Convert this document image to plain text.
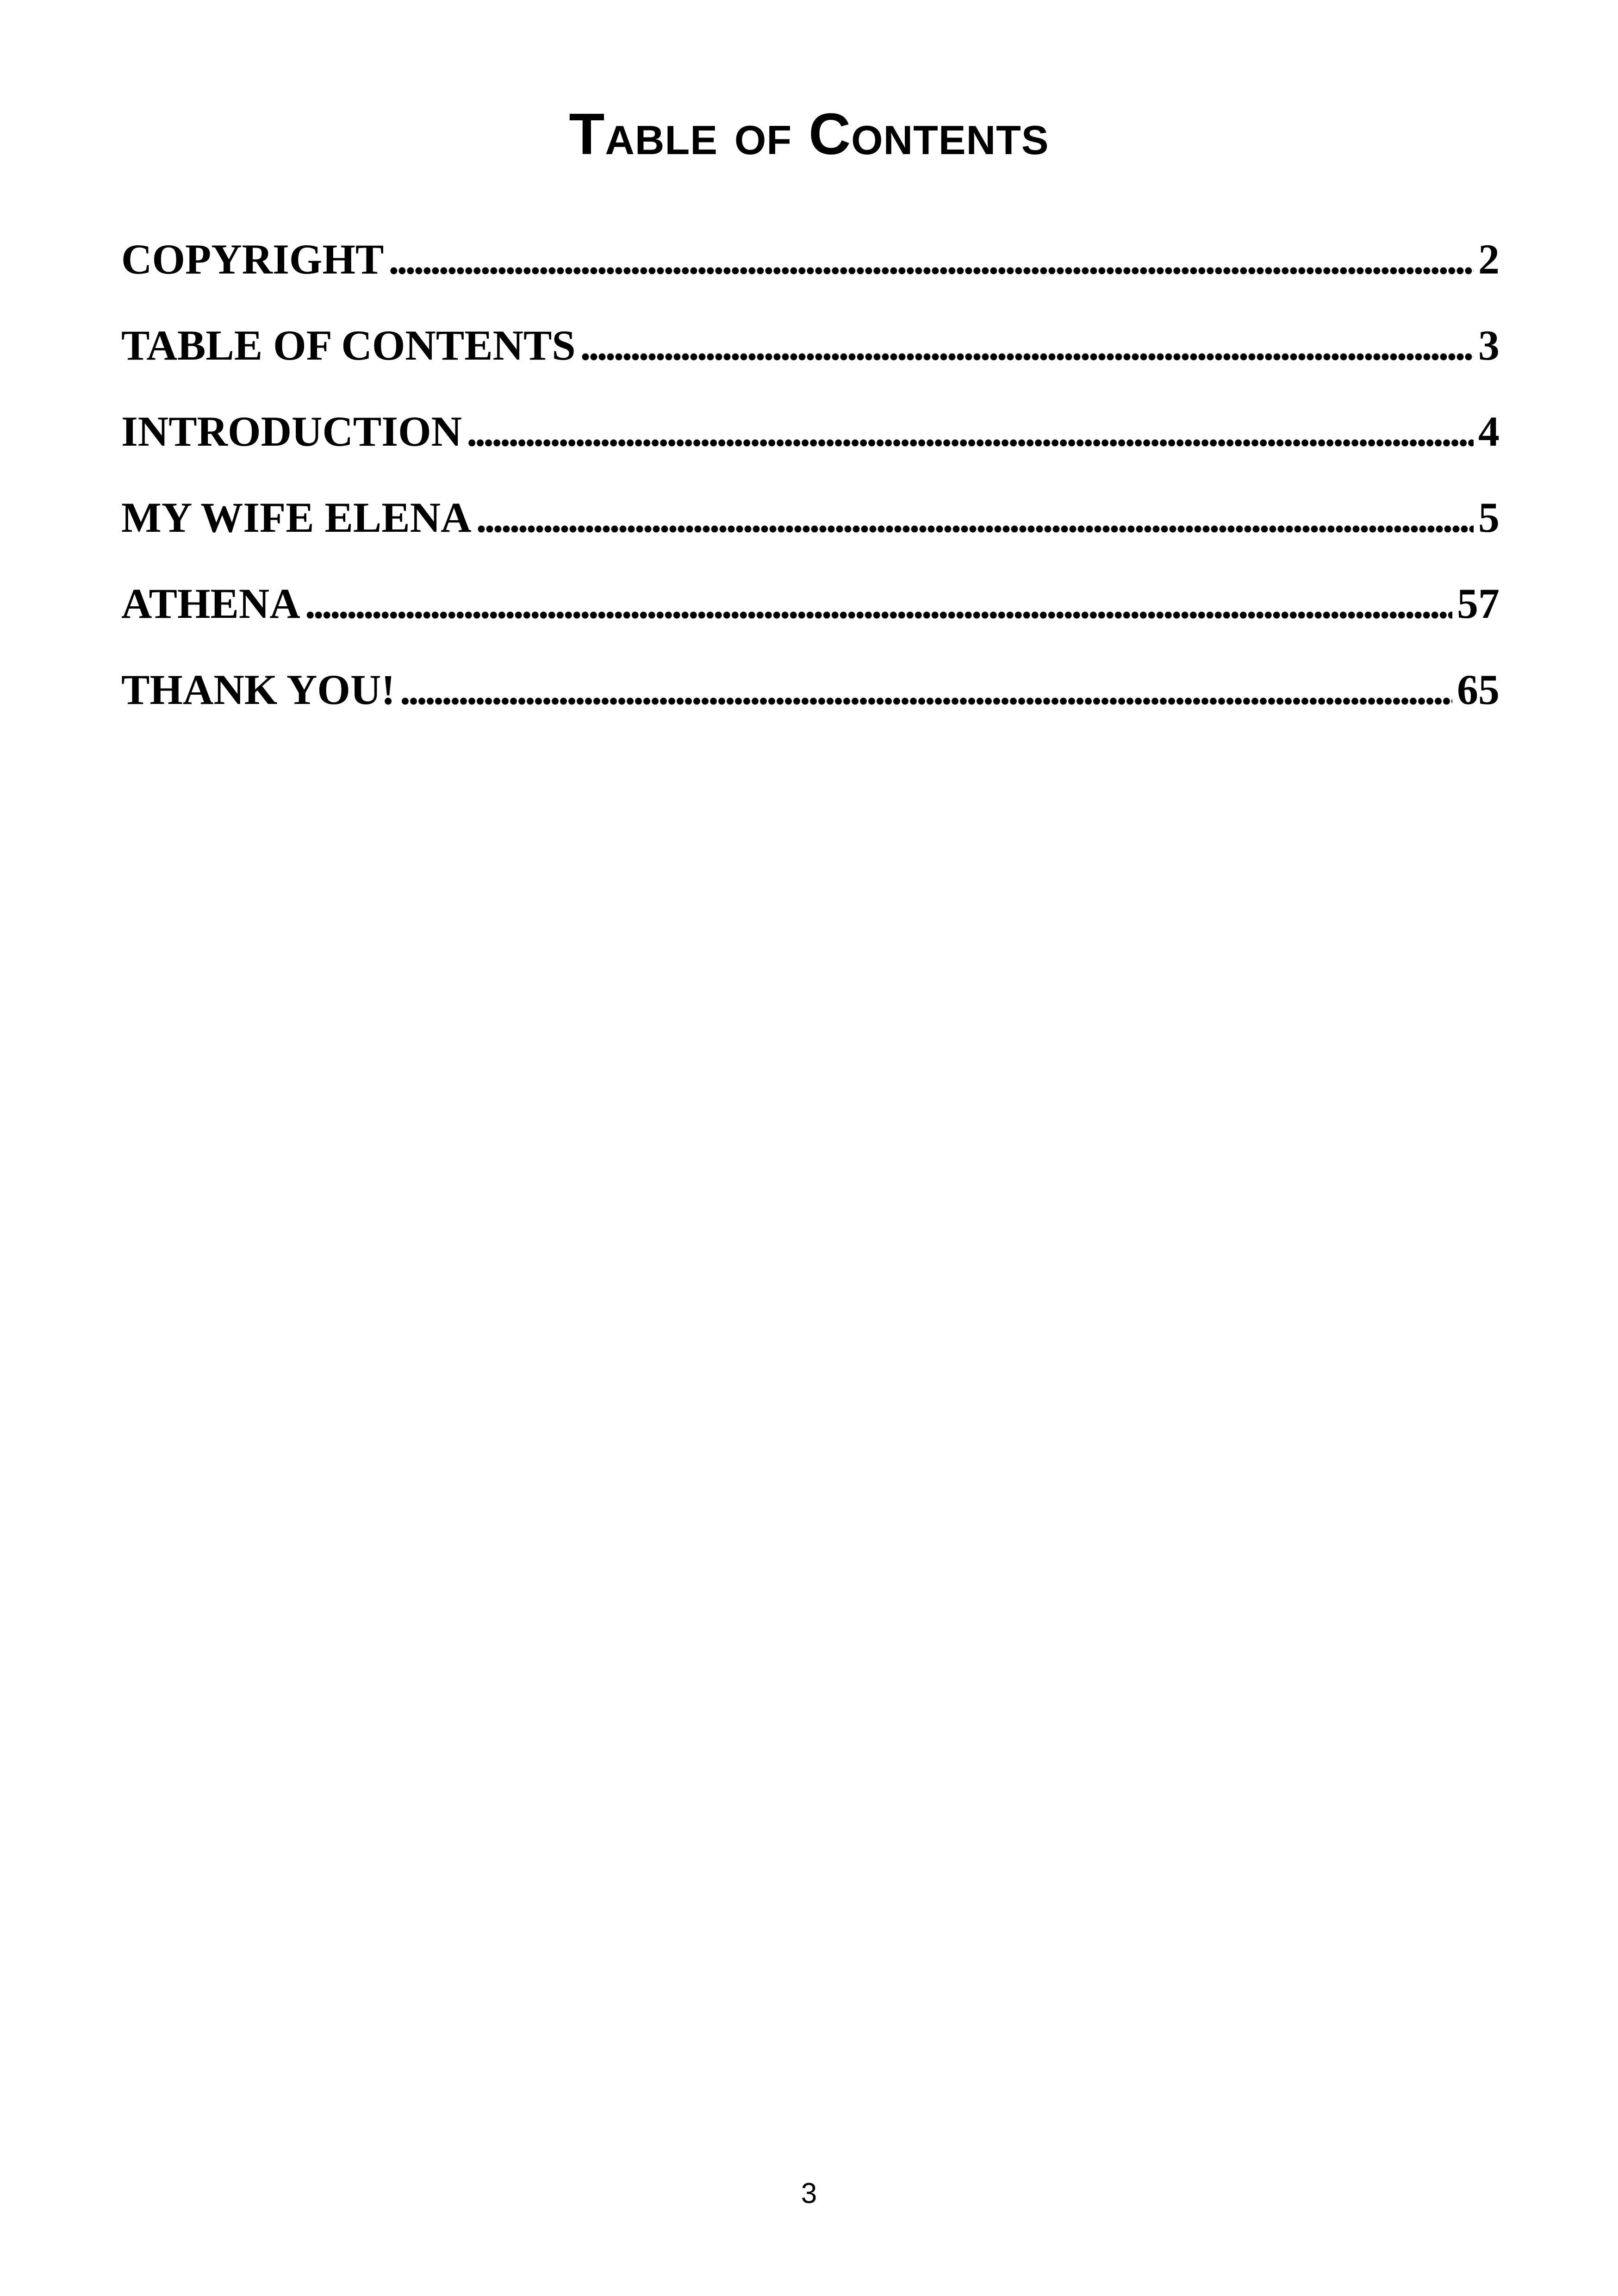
Table of Contents
COPYRIGHT . . .	2
TABLE OF CONTENTS . . .	3
INTRODUCTION . . .	4
MY WIFE ELENA . . .	5
ATHENA . . .	57
THANK YOU! . . .	65
3
